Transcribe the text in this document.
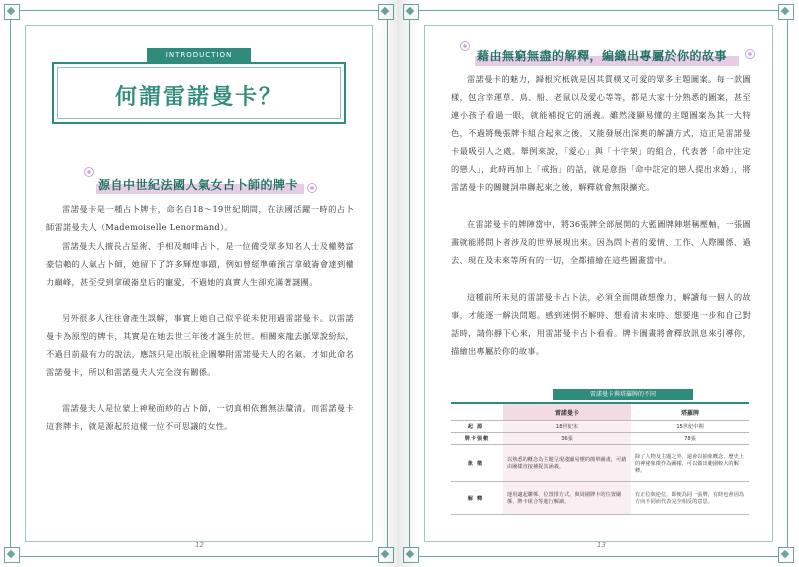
INTRODUCTION
何謂雷諾曼卡？
源自中世紀法國人氣女占卜師的牌卡
雷諾曼卡是一種占卜牌卡，命名自18～19世紀期間，在法國活躍一時的占卜師雷諾曼夫人（Mademoiselle Lenormand）。
雷諾曼夫人擅長占星術、手相及咖啡占卜，是一位備受眾多知名人士及權勢富豪信賴的人氣占卜師，她留下了許多輝煌事蹟，例如曾經準確預言拿破崙會達到權力巔峰，甚至受到拿破崙皇后的寵愛，不過她的真實人生卻充滿著謎團。
另外很多人往往會產生誤解，事實上她自己似乎從未使用過雷諾曼卡。以雷諾曼卡為原型的牌卡，其實是在她去世三年後才誕生於世。相關來龍去脈眾說紛紜，不過目前最有力的說法，應該只是出版社企圖攀附雷諾曼夫人的名氣，才如此命名雷諾曼卡，所以和雷諾曼夫人完全沒有關係。
雷諾曼夫人是位蒙上神秘面紗的占卜師，一切真相依舊無法釐清。而雷諾曼卡這套牌卡，就是源起於這樣一位不可思議的女性。
12
藉由無窮無盡的解釋，編織出專屬於你的故事
雷諾曼卡的魅力，歸根究柢就是因其質樸又可愛的眾多主題圖案。每一款圖樣，包含幸運草、鳥、船、老鼠以及愛心等等，都是大家十分熟悉的圖案，甚至連小孩子看過一眼，就能補捉它的涵義。雖然淺顯易懂的主題圖案為其一大特色，不過將幾張牌卡組合起來之後，又能發展出深奧的解讀方式，這正是雷諾曼卡最吸引人之處。舉例來說，「愛心」與「十字架」的組合，代表著「命中注定的戀人」，此時再加上「戒指」的話，就是意指「命中註定的戀人提出求婚」，將雷諾曼卡的關鍵詞串聯起來之後，解釋就會無限擴充。
在雷諾曼卡的牌陣當中，將36張牌全部展開的大藍圖牌陣堪稱壓軸，一張圖畫就能將問卜者涉及的世界展現出來。因為問卜者的愛情、工作、人際關係、過去、現在及未來等所有的一切，全都描繪在這些圖畫當中。
這種前所未見的雷諾曼卡占卜法，必須全面開啟想像力，解讀每一個人的故事，才能逐一解決問題。感到迷惘不解時、想看清未來時、想要進一步和自己對話時，請你靜下心來，用雷諾曼卡占卜看看。牌卡圖畫將會釋放訊息來引導你，描繪出專屬於你的故事。
13
雷諾曼卡與塔羅牌的不同
	雷諾曼卡	塔羅牌
起源	18世紀末	15世紀中期
牌卡張數	36張	78張
象徵	以熟悉的概念為主題呈現淺顯易懂的簡單圖畫，可藉由圖樣直接補捉其涵義。	除了人物及主題之外，還會以抽象概念、歷史上的神祕象徵作為圖樣，可以做出範圍較大的解釋。
解釋	運用適起聯係、位置排方式、與周圍牌卡的位置關係、牌卡組合等進行解讀。	有正位與逆位，即便為同一張牌，有時也會因為方向不同而代表完全相反的意思。
